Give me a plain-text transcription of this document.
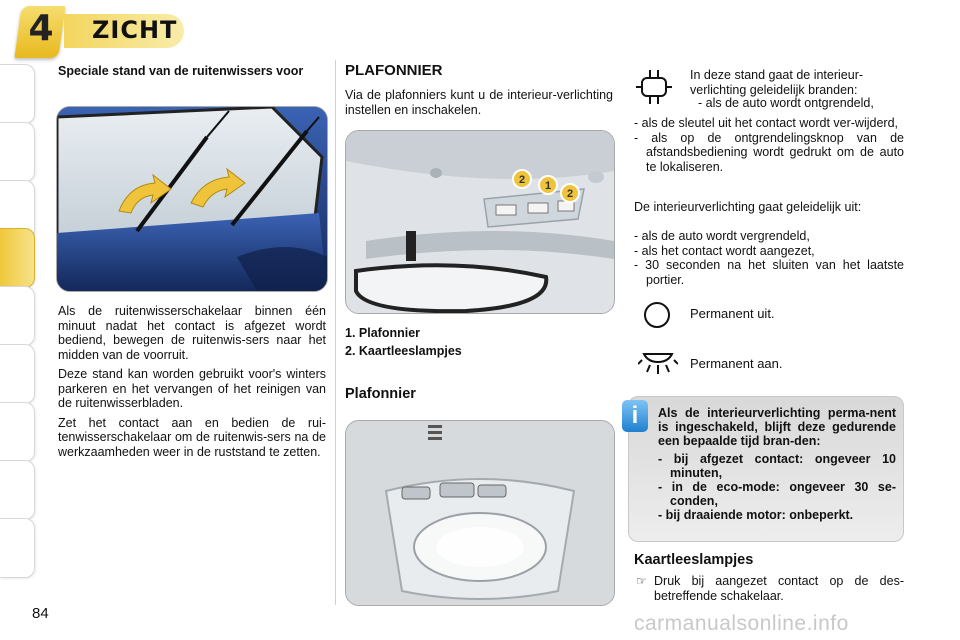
4 ZICHT
Speciale stand van de ruitenwissers voor

Als de ruitenwisserschakelaar binnen één minuut nadat het contact is afgezet wordt bediend, bewegen de ruitenwis-sers naar het midden van de voorruit.

Deze stand kan worden gebruikt voor's winters parkeren en het vervangen of het reinigen van de ruitenwisserbladen.

Zet het contact aan en bedien de rui-tenwisserschakelaar om de ruitenwis-sers na de werkzaamheden weer in de ruststand te zetten.

PLAFONNIER
Via de plafonniers kunt u de interieur-verlichting instellen en inschakelen.
2 1
2
1. Plafonnier
2. Kaartleeslampjes
Plafonnier
In deze stand gaat de interieur-verlichting geleidelijk branden:
- als de auto wordt ontgrendeld,
- als de sleutel uit het contact wordt ver-wijderd,
- als op de ontgrendelingsknop van de afstandsbediening wordt gedrukt om de auto te lokaliseren.
De interieurverlichting gaat geleidelijk uit:
- als de auto wordt vergrendeld,
- als het contact wordt aangezet,
- 30 seconden na het sluiten van het laatste portier.
Permanent uit.
Permanent aan.
i	Als de interieurverlichting perma-nent is ingeschakeld, blijft deze gedurende een bepaalde tijd bran-den:
- bij afgezet contact: ongeveer 10 minuten,
- in de eco-mode: ongeveer 30 se-conden,
- bij draaiende motor: onbeperkt.
Kaartleeslampjes
☞ Druk bij aangezet contact op de des-betreffende schakelaar.
84	carmanualsonline.info
